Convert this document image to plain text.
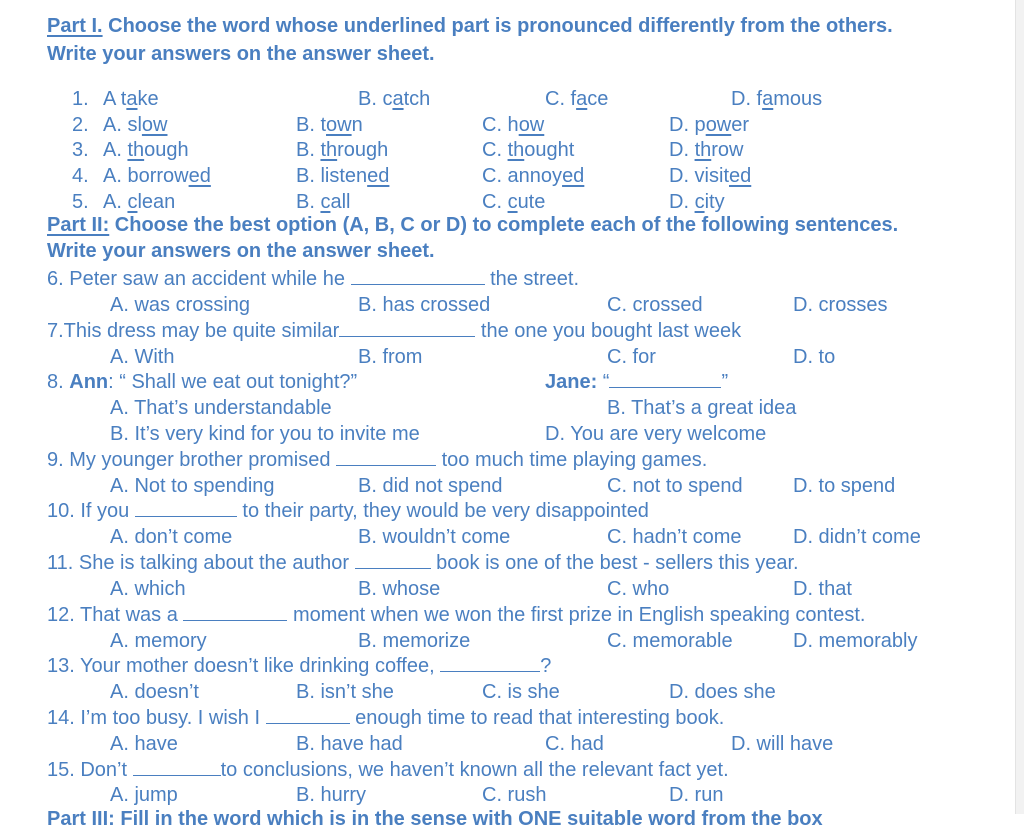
Part I. Choose the word whose underlined part is pronounced differently from the others.
Write your answers on the answer sheet.
1. A take	B. catch	C. face	D. famous
2. A. slow	B. town	C. how	D. power
3. A. though	B. through	C. thought	D. throw
4. A. borrowed	B. listened	C. annoyed	D. visited
5. A. clean	B. call	C. cute	D. city
Part II: Choose the best option (A, B, C or D) to complete each of the following sentences.
Write your answers on the answer sheet.
6. Peter saw an accident while he	the street.
A. was crossing	B. has crossed	C. crossed	D. crosses
7.This dress may be quite similar	the one you bought last week
A. With	B. from	C. for	D. to
8. Ann: “ Shall we eat out tonight?”	Jane: “	”
A. That’s understandable	B. That’s a great idea
B. It’s very kind for you to invite me	D. You are very welcome
9. My younger brother promised	too much time playing games.
A. Not to spending	B. did not spend	C. not to spend	D. to spend
10. If you	to their party, they would be very disappointed
A. don’t come	B. wouldn’t come	C. hadn’t come	D. didn’t come
11. She is talking about the author	book is one of the best - sellers this year.
A. which	B. whose	C. who	D. that
12. That was a	moment when we won the first prize in English speaking contest.
A. memory	B. memorize	C. memorable	D. memorably
13. Your mother doesn’t like drinking coffee,	?
A. doesn’t	B. isn’t she	C. is she	D. does she
14. I’m too busy. I wish I	enough time to read that interesting book.
A. have	B. have had	C. had	D. will have
15. Don’t	to conclusions, we haven’t known all the relevant fact yet.
A. jump	B. hurry	C. rush	D. run
Part III: Fill in the word which is in the sense with ONE suitable word from the box
